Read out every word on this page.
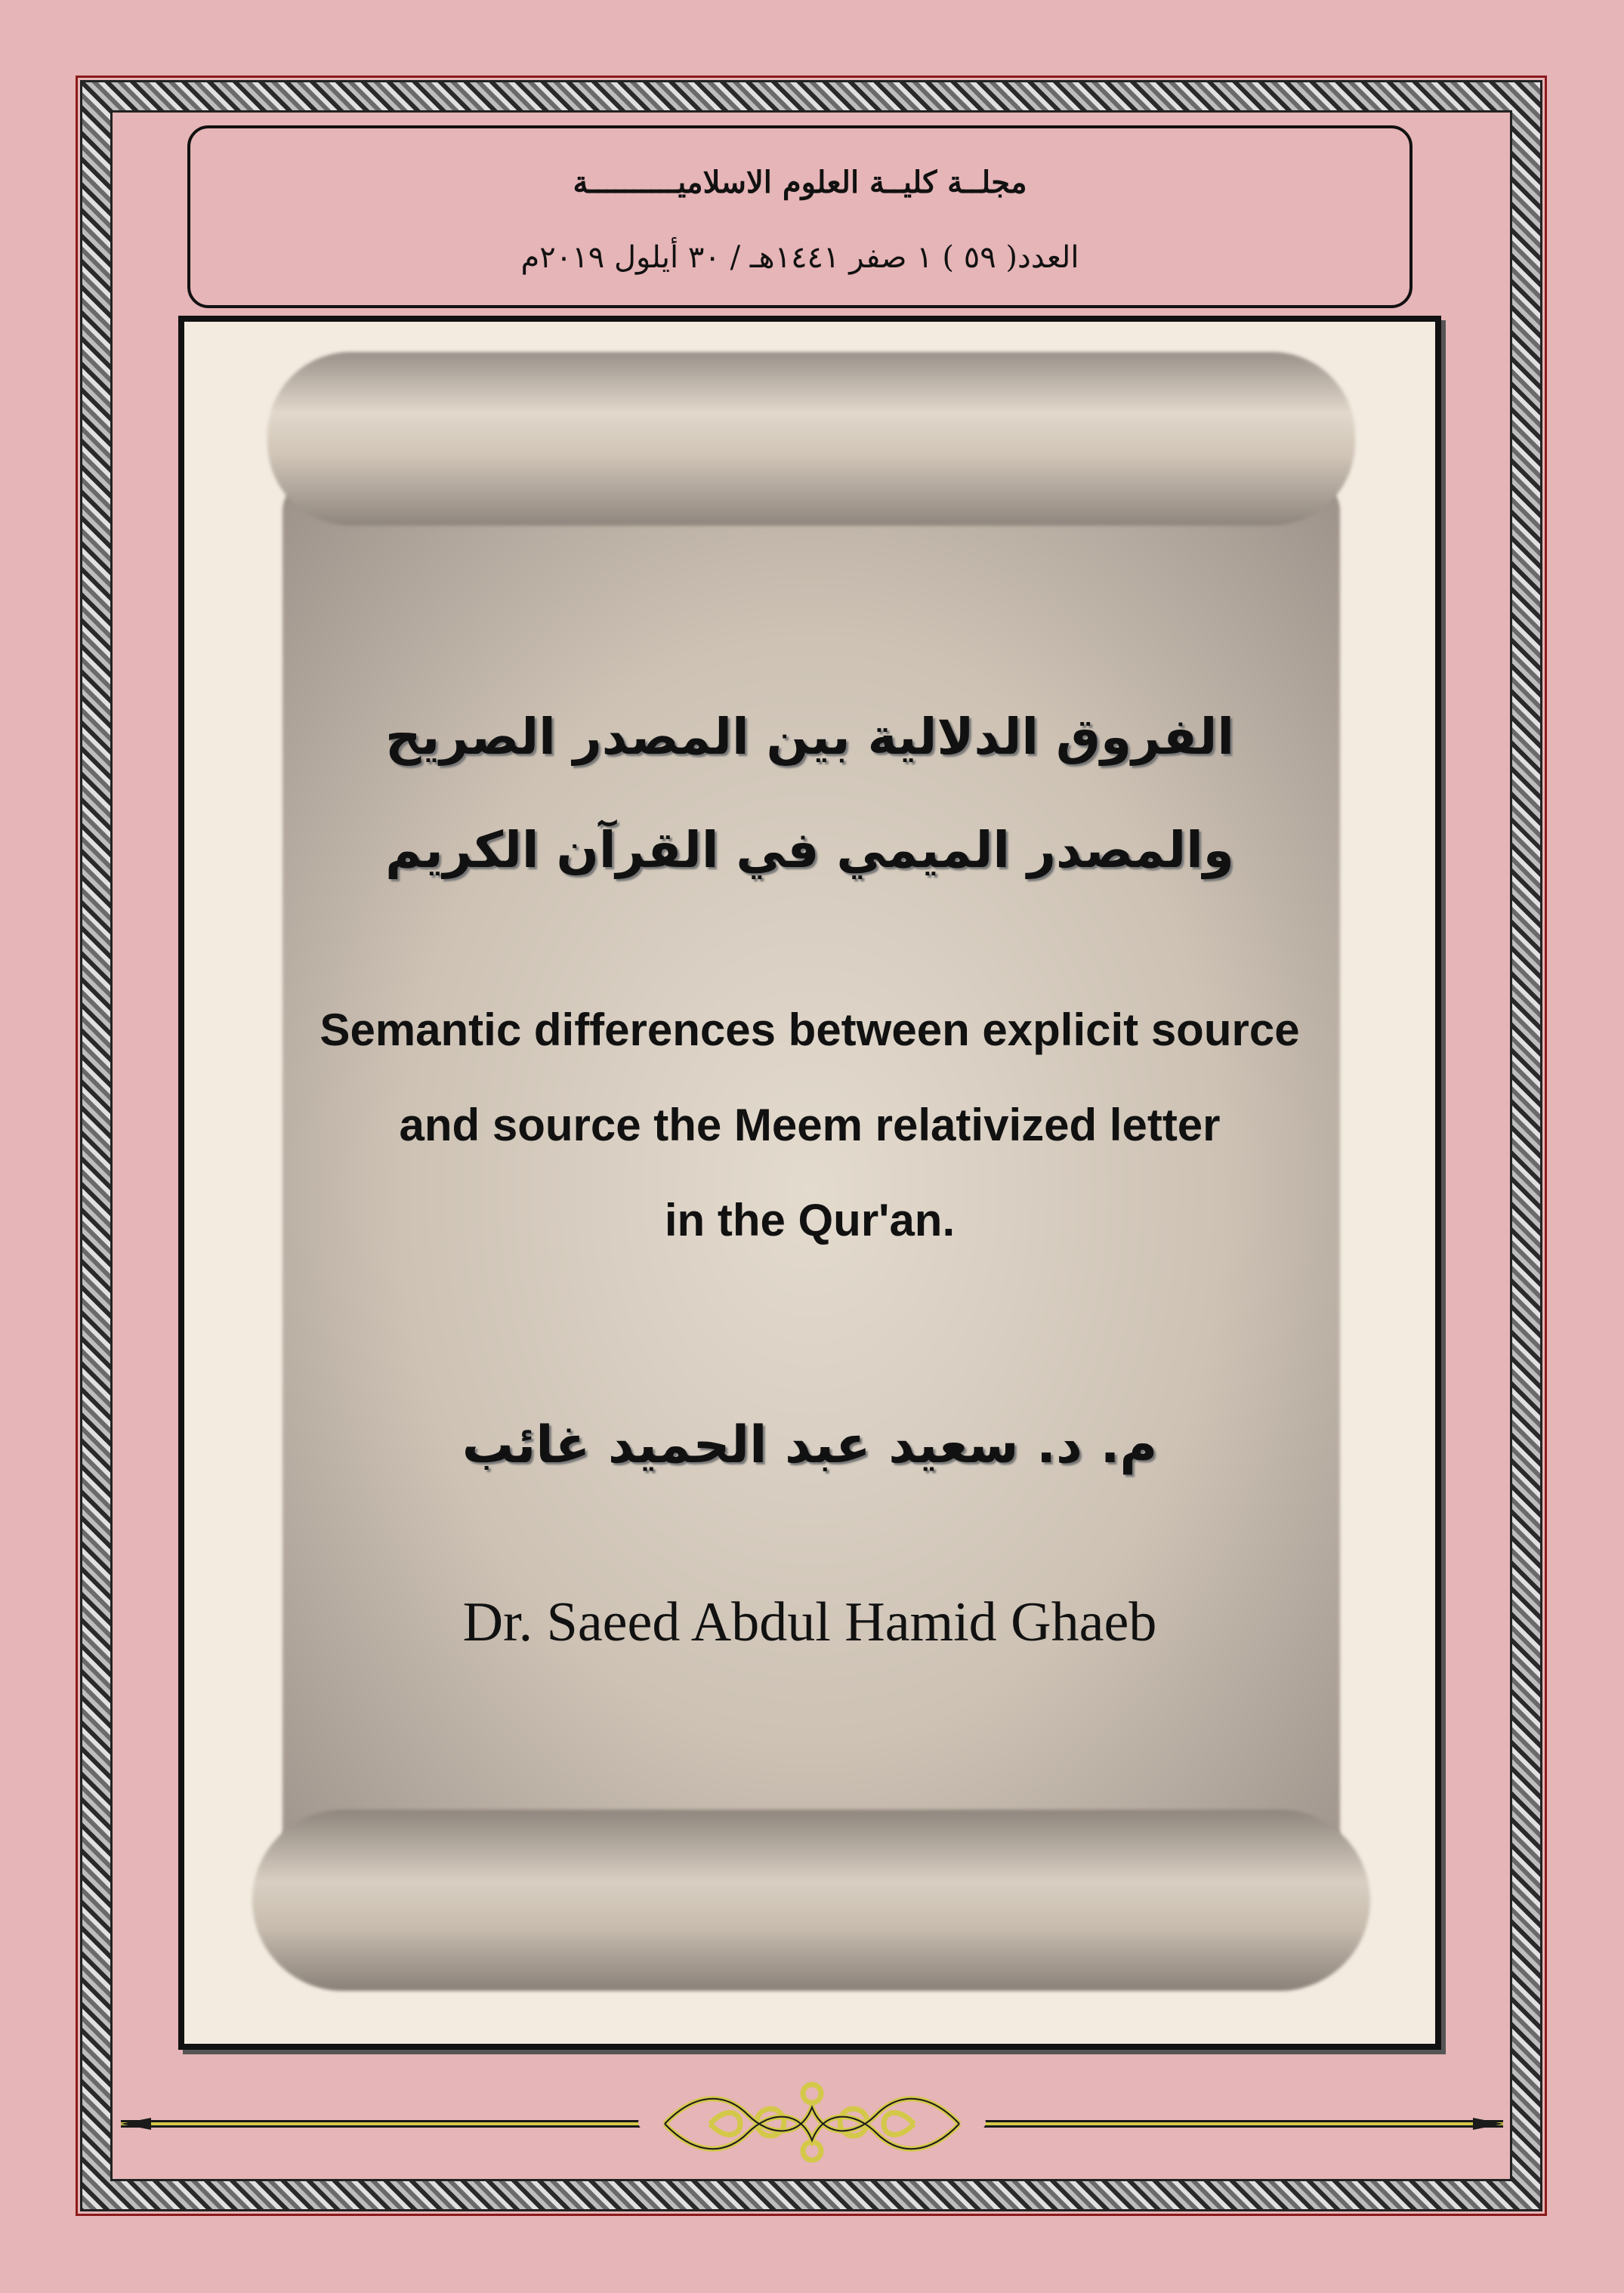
مجلــة كليــة العلوم الاسلاميــــــــــة
العدد( ٥٩ ) ١ صفر ١٤٤١هـ / ٣٠ أيلول ٢٠١٩م
الفروق الدلالية بين المصدر الصريح
والمصدر الميمي في القرآن الكريم
Semantic differences between explicit source
and source the Meem relativized letter
in the Qur'an.
م. د. سعيد عبد الحميد غائب
Dr. Saeed Abdul Hamid Ghaeb
